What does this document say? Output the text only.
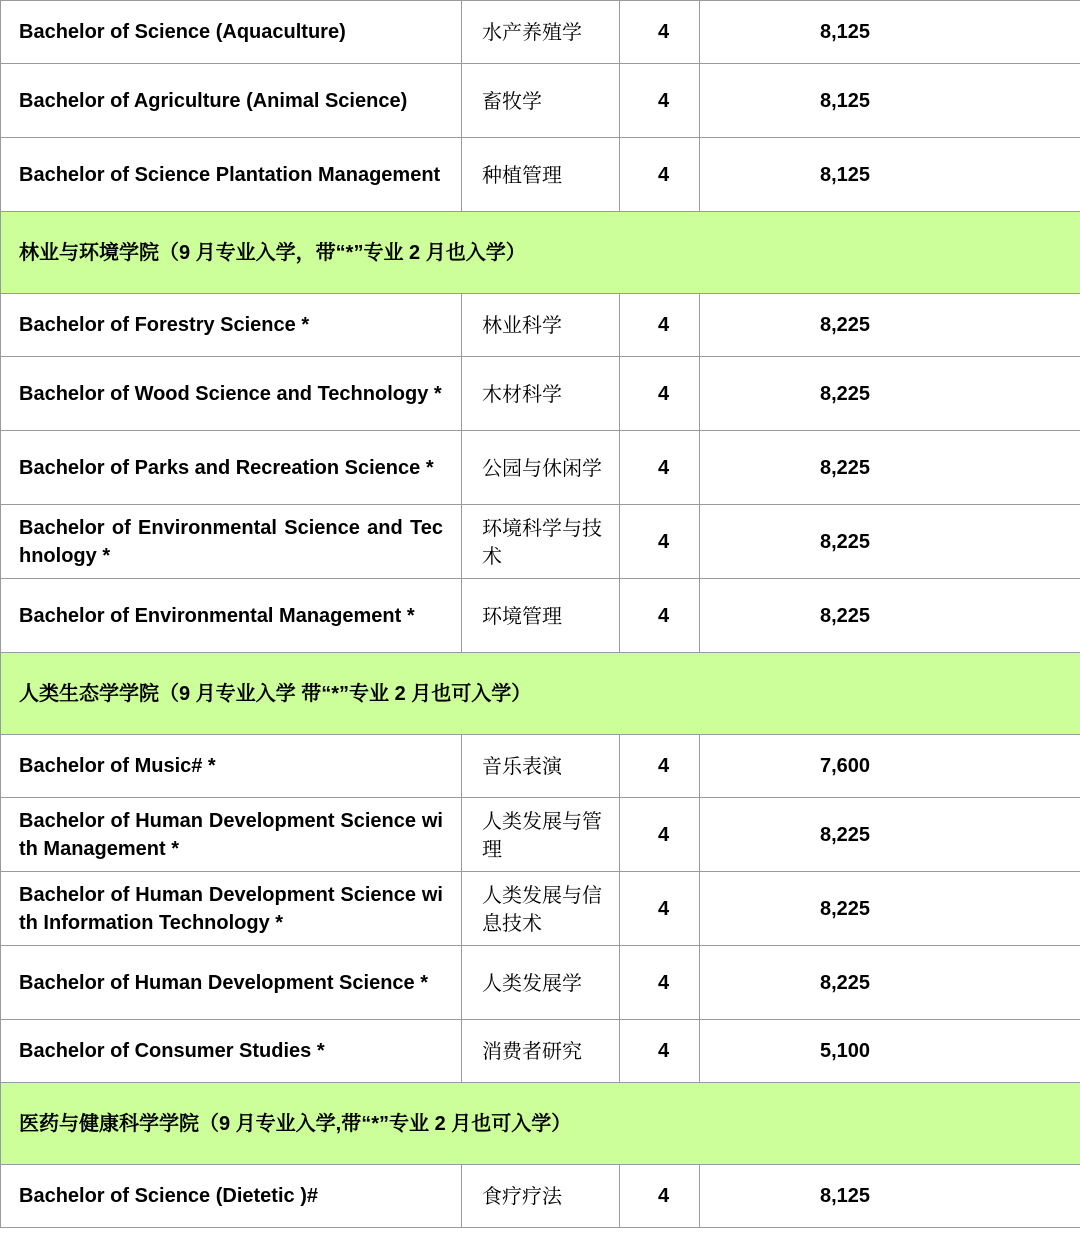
Bachelor of Science (Aquaculture)	水产养殖学	4	8,125
Bachelor of Agriculture (Animal Science)	畜牧学	4	8,125
Bachelor of Science Plantation Management	种植管理	4	8,125
林业与环境学院（9 月专业入学，带“*”专业 2 月也入学）			
Bachelor of Forestry Science *	林业科学	4	8,225
Bachelor of Wood Science and Technology *	木材科学	4	8,225
Bachelor of Parks and Recreation Science *	公园与休闲学	4	8,225
Bachelor of Environmental Science and Technology *	环境科学与技术	4	8,225
Bachelor of Environmental Management *	环境管理	4	8,225
人类生态学学院（9 月专业入学 带“*”专业 2 月也可入学）			
Bachelor of Music# *	音乐表演	4	7,600
Bachelor of Human Development Science with Management *	人类发展与管理	4	8,225
Bachelor of Human Development Science with Information Technology *	人类发展与信息技术	4	8,225
Bachelor of Human Development Science *	人类发展学	4	8,225
Bachelor of Consumer Studies *	消费者研究	4	5,100
医药与健康科学学院（9 月专业入学,带“*”专业 2 月也可入学）			
Bachelor of Science (Dietetic )#	食疗疗法	4	8,125
